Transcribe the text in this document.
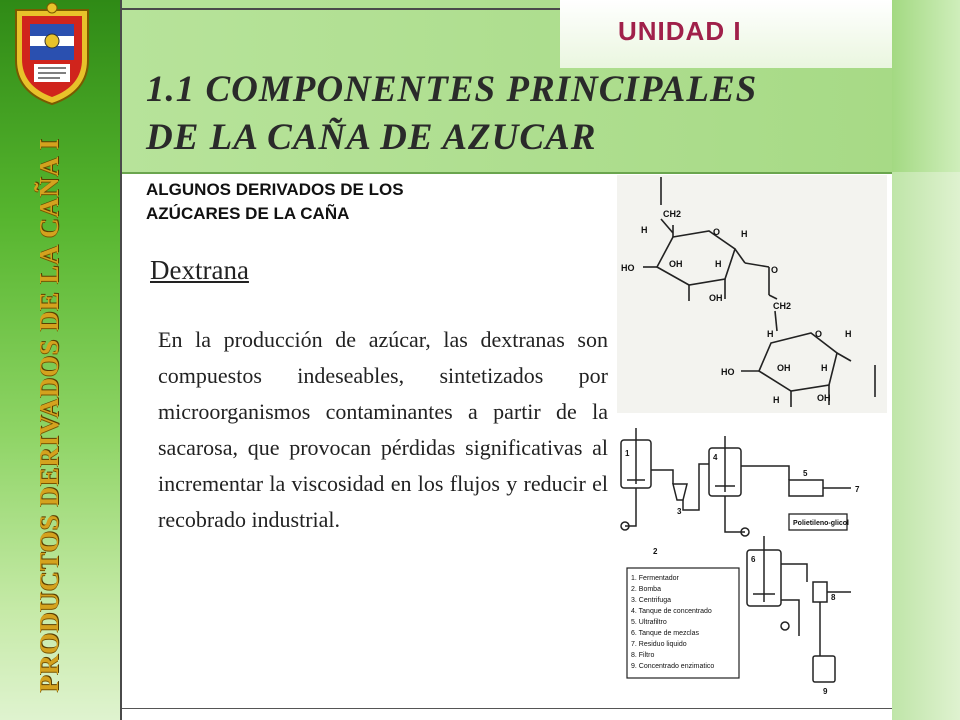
UNIDAD I
1.1 COMPONENTES PRINCIPALES
DE LA CAÑA DE AZUCAR
PRODUCTOS DERIVADOS DE LA CAÑA I	ALGUNOS DERIVADOS DE LOS
AZÚCARES DE LA CAÑA
Dextrana
En la producción de azúcar, las dextranas son compuestos indeseables, sintetizados por microorganismos contaminantes a partir de la sacarosa, que provocan pérdidas significativas al incrementar la viscosidad en los flujos y reducir el recobrado industrial.
CH2
CH2
H	O H
HO	OH	H
O
O
OH
H
HO	OH	H
H
OH
H
Polietileno-glicol
1. Fermentador
2. Bomba
3. Centrifuga
4. Tanque de concentrado
5. Ultrafiltro
6. Tanque de mezclas
7. Residuo liquido
8. Filtro
9. Concentrado enzimatico
1
2
3
4
5
6
7
8
9
